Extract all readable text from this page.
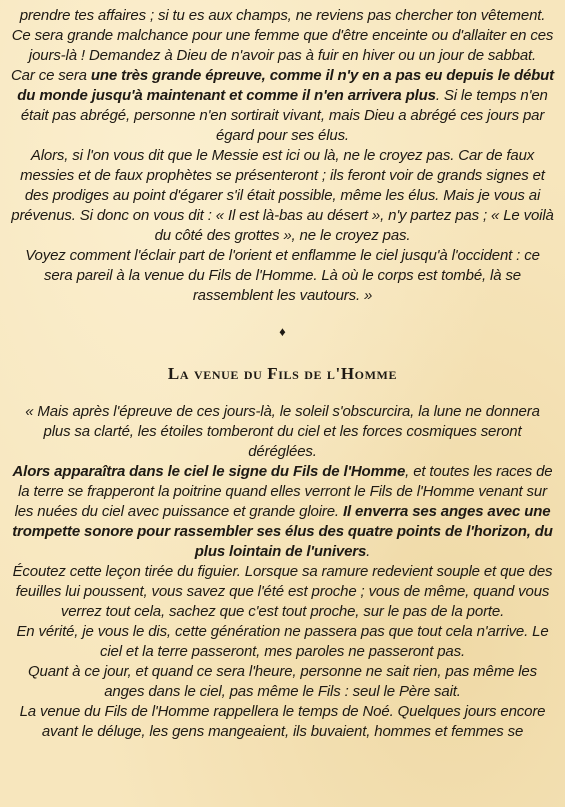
prendre tes affaires ; si tu es aux champs, ne reviens pas chercher ton vêtement.

Ce sera grande malchance pour une femme que d'être enceinte ou d'allaiter en ces jours-là ! Demandez à Dieu de n'avoir pas à fuir en hiver ou un jour de sabbat.

Car ce sera une très grande épreuve, comme il n'y en a pas eu depuis le début du monde jusqu'à maintenant et comme il n'en arrivera plus. Si le temps n'en était pas abrégé, personne n'en sortirait vivant, mais Dieu a abrégé ces jours par égard pour ses élus.

Alors, si l'on vous dit que le Messie est ici ou là, ne le croyez pas. Car de faux messies et de faux prophètes se présenteront ; ils feront voir de grands signes et des prodiges au point d'égarer s'il était possible, même les élus. Mais je vous ai prévenus. Si donc on vous dit : « Il est là-bas au désert », n'y partez pas ; « Le voilà du côté des grottes », ne le croyez pas.

Voyez comment l'éclair part de l'orient et enflamme le ciel jusqu'à l'occident : ce sera pareil à la venue du Fils de l'Homme. Là où le corps est tombé, là se rassemblent les vautours. »

♦
La venue du Fils de l'Homme

« Mais après l'épreuve de ces jours-là, le soleil s'obscurcira, la lune ne donnera plus sa clarté, les étoiles tomberont du ciel et les forces cosmiques seront déréglées.

Alors apparaîtra dans le ciel le signe du Fils de l'Homme, et toutes les races de la terre se frapperont la poitrine quand elles verront le Fils de l'Homme venant sur les nuées du ciel avec puissance et grande gloire. Il enverra ses anges avec une trompette sonore pour rassembler ses élus des quatre points de l'horizon, du plus lointain de l'univers.

Écoutez cette leçon tirée du figuier. Lorsque sa ramure redevient souple et que des feuilles lui poussent, vous savez que l'été est proche ; vous de même, quand vous verrez tout cela, sachez que c'est tout proche, sur le pas de la porte.

En vérité, je vous le dis, cette génération ne passera pas que tout cela n'arrive. Le ciel et la terre passeront, mes paroles ne passeront pas.

Quant à ce jour, et quand ce sera l'heure, personne ne sait rien, pas même les anges dans le ciel, pas même le Fils : seul le Père sait.

La venue du Fils de l'Homme rappellera le temps de Noé. Quelques jours encore avant le déluge, les gens mangeaient, ils buvaient, hommes et femmes se
